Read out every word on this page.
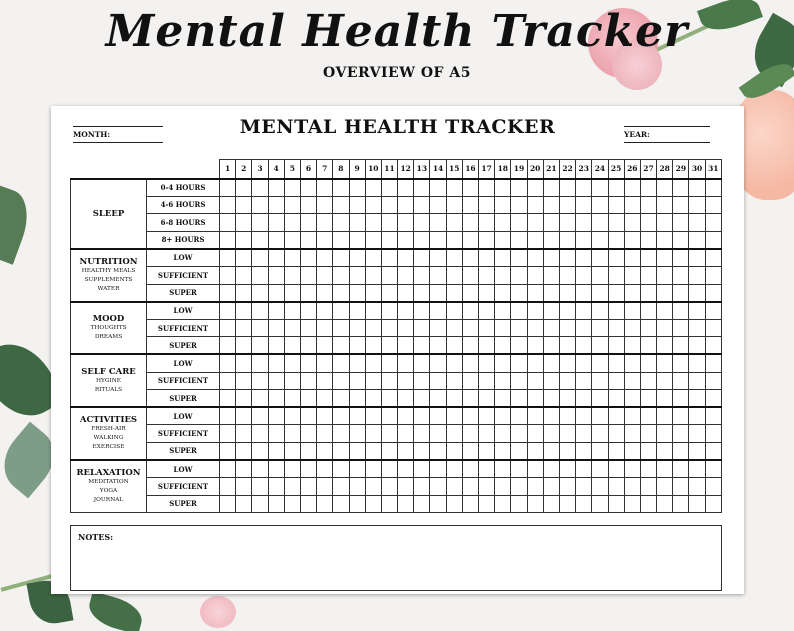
Mental Health Tracker
OVERVIEW OF A5
MONTH:	MENTAL HEALTH TRACKER	YEAR:
		1	2	3	4	5	6	7	8	9	10	11	12	13	14	15	16	17	18	19	20	21	22	23	24	25	26	27	28	29	30	31

SLEEP	0-4 HOURS																															
	4-6 HOURS																															
	6-8 HOURS																															
	8+ HOURS																															

NUTRITION
HEALTHY MEALS
SUPPLEMENTS
WATER	LOW																															
	SUFFICIENT																															
	SUPER																															

MOOD
THOUGHTS
DREAMS	LOW																															
	SUFFICIENT																															
	SUPER																															

SELF CARE
HYGINE
RITUALS	LOW																															
	SUFFICIENT																															
	SUPER																															

ACTIVITIES
FRESH-AIR
WALKING
EXERCISE	LOW																															
	SUFFICIENT																															
	SUPER																															

RELAXATION
MEDITATION
YOGA
JOURNAL	LOW																															
	SUFFICIENT																															
	SUPER																															
NOTES:
